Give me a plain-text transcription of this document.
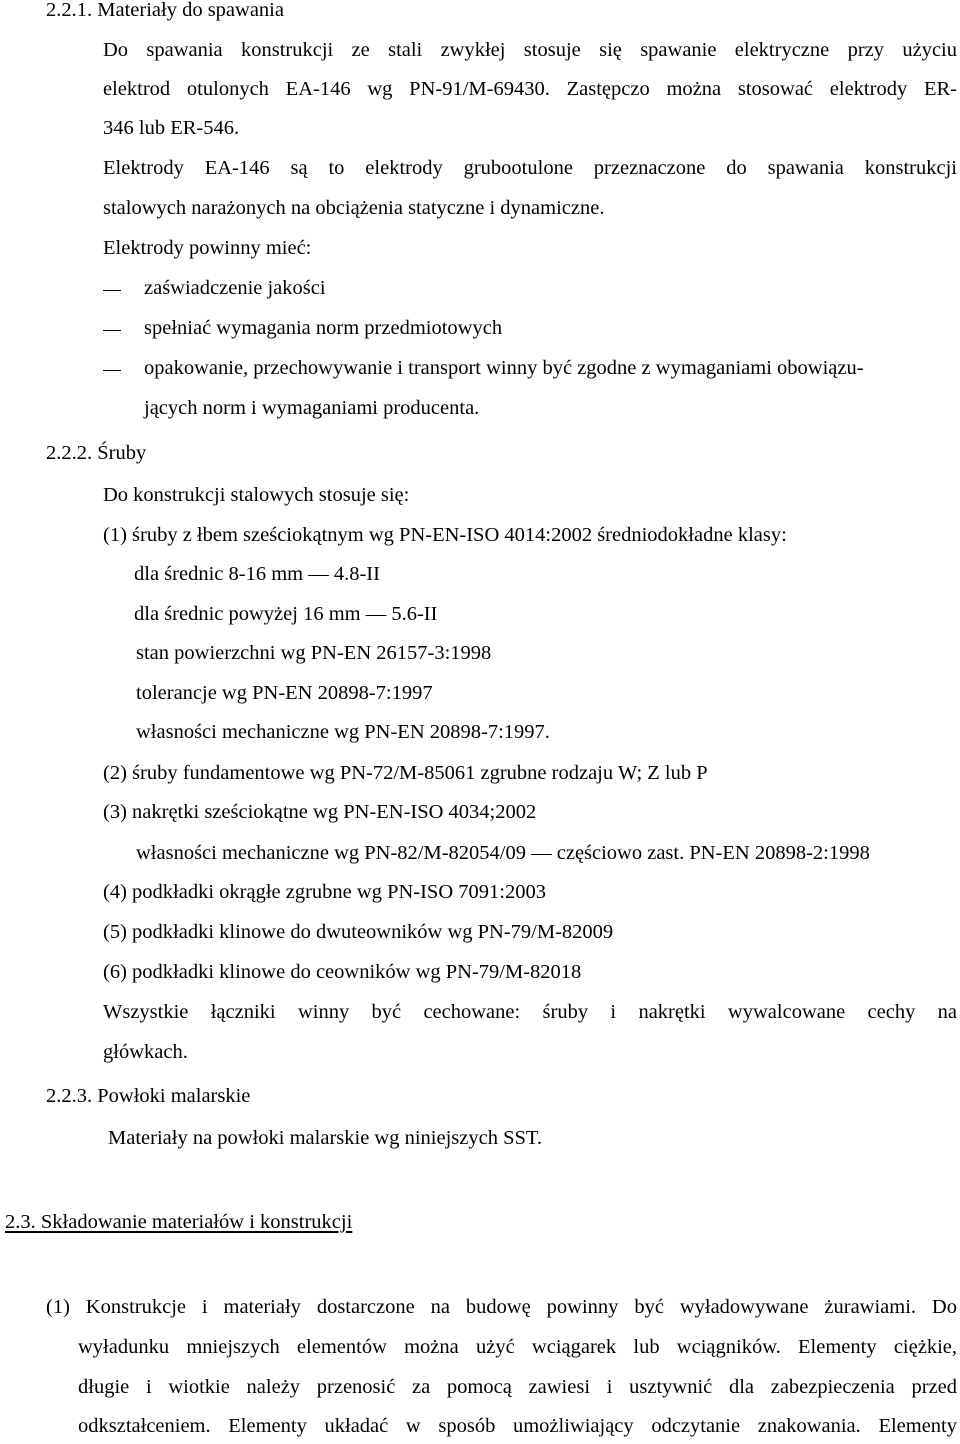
2.2.1. Materiały do spawania
Do spawania konstrukcji ze stali zwykłej stosuje się spawanie elektryczne przy użyciu
elektrod otulonych EA-146 wg PN-91/M-69430. Zastępczo można stosować elektrody ER-
346 lub ER-546.
Elektrody EA-146 są to elektrody grubootulone przeznaczone do spawania konstrukcji
stalowych narażonych na obciążenia statyczne i dynamiczne.
Elektrody powinny mieć:
zaświadczenie jakości
spełniać wymagania norm przedmiotowych
opakowanie, przechowywanie i transport winny być zgodne z wymaganiami obowiązu-
jących norm i wymaganiami producenta.
2.2.2. Śruby
Do konstrukcji stalowych stosuje się:
(1) śruby z łbem sześciokątnym wg PN-EN-ISO 4014:2002 średniodokładne klasy:
dla średnic 8-16 mm — 4.8-II
dla średnic powyżej 16 mm — 5.6-II
stan powierzchni wg PN-EN 26157-3:1998
tolerancje wg PN-EN 20898-7:1997
własności mechaniczne wg PN-EN 20898-7:1997.
(2) śruby fundamentowe wg PN-72/M-85061 zgrubne rodzaju W; Z lub P
(3) nakrętki sześciokątne wg PN-EN-ISO 4034;2002
własności mechaniczne wg PN-82/M-82054/09 — częściowo zast. PN-EN 20898-2:1998
(4) podkładki okrągłe zgrubne wg PN-ISO 7091:2003
(5) podkładki klinowe do dwuteowników wg PN-79/M-82009
(6) podkładki klinowe do ceowników wg PN-79/M-82018
Wszystkie łączniki winny być cechowane: śruby i nakrętki wywalcowane cechy na
główkach.
2.2.3. Powłoki malarskie
Materiały na powłoki malarskie wg niniejszych SST.
2.3. Składowanie materiałów i konstrukcji
(1) Konstrukcje i materiały dostarczone na budowę powinny być wyładowywane żurawiami. Do
wyładunku mniejszych elementów można użyć wciągarek lub wciągników. Elementy ciężkie,
długie i wiotkie należy przenosić za pomocą zawiesi i usztywnić dla zabezpieczenia przed
odkształceniem. Elementy układać w sposób umożliwiający odczytanie znakowania. Elementy
